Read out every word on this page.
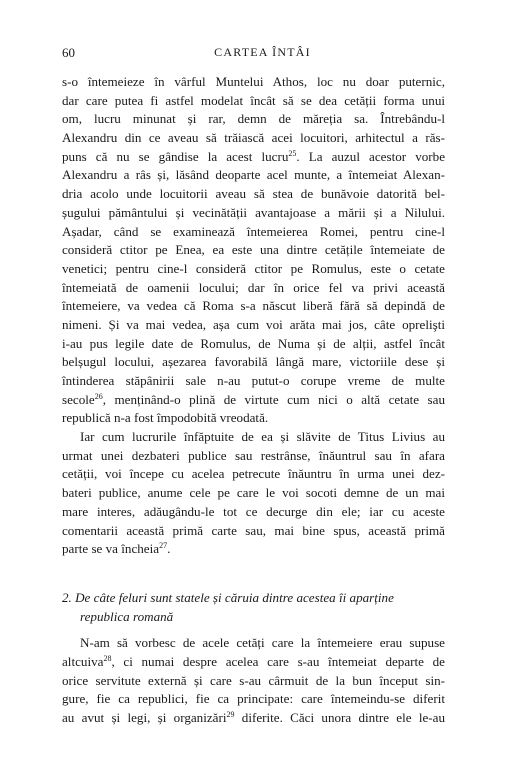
60	CARTEA ÎNTÂI
s-o întemeieze în vârful Muntelui Athos, loc nu doar puternic,
dar care putea fi astfel modelat încât să se dea cetății forma unui
om, lucru minunat și rar, demn de măreția sa. Întrebându-l
Alexandru din ce aveau să trăiască acei locuitori, arhitectul a răs-
puns că nu se gândise la acest lucru$^{25}$. La auzul acestor vorbe
Alexandru a râs și, lăsând deoparte acel munte, a întemeiat Alexan-
dria acolo unde locuitorii aveau să stea de bunăvoie datorită bel-
șugului pământului și vecinătății avantajoase a mării și a Nilului.
Așadar, când se examinează întemeierea Romei, pentru cine-l
consideră ctitor pe Enea, ea este una dintre cetățile întemeiate de
venetici; pentru cine-l consideră ctitor pe Romulus, este o cetate
întemeiată de oamenii locului; dar în orice fel va privi această
întemeiere, va vedea că Roma s-a născut liberă fără să depindă de
nimeni. Și va mai vedea, așa cum voi arăta mai jos, câte oprelişti
i-au pus legile date de Romulus, de Numa și de alții, astfel încât
belșugul locului, așezarea favorabilă lângă mare, victoriile dese și
întinderea stăpânirii sale n-au putut-o corupe vreme de multe
secole$^{26}$, menținând-o plină de virtute cum nici o altă cetate sau
republică n-a fost împodobită vreodată.
Iar cum lucrurile înfăptuite de ea și slăvite de Titus Livius au
urmat unei dezbateri publice sau restrânse, înăuntrul sau în afara
cetății, voi începe cu acelea petrecute înăuntru în urma unei dez-
bateri publice, anume cele pe care le voi socoti demne de un mai
mare interes, adăugându-le tot ce decurge din ele; iar cu aceste
comentarii această primă carte sau, mai bine spus, această primă
parte se va încheia$^{27}$.
2. De câte feluri sunt statele și căruia dintre acestea îi aparține
republica romană
N-am să vorbesc de acele cetăți care la întemeiere erau supuse
altcuiva$^{28}$, ci numai despre acelea care s-au întemeiat departe de
orice servitute externă și care s-au cârmuit de la bun început sin-
gure, fie ca republici, fie ca principate: care întemeindu-se diferit
au avut și legi, și organizări$^{29}$ diferite. Căci unora dintre ele le-au
